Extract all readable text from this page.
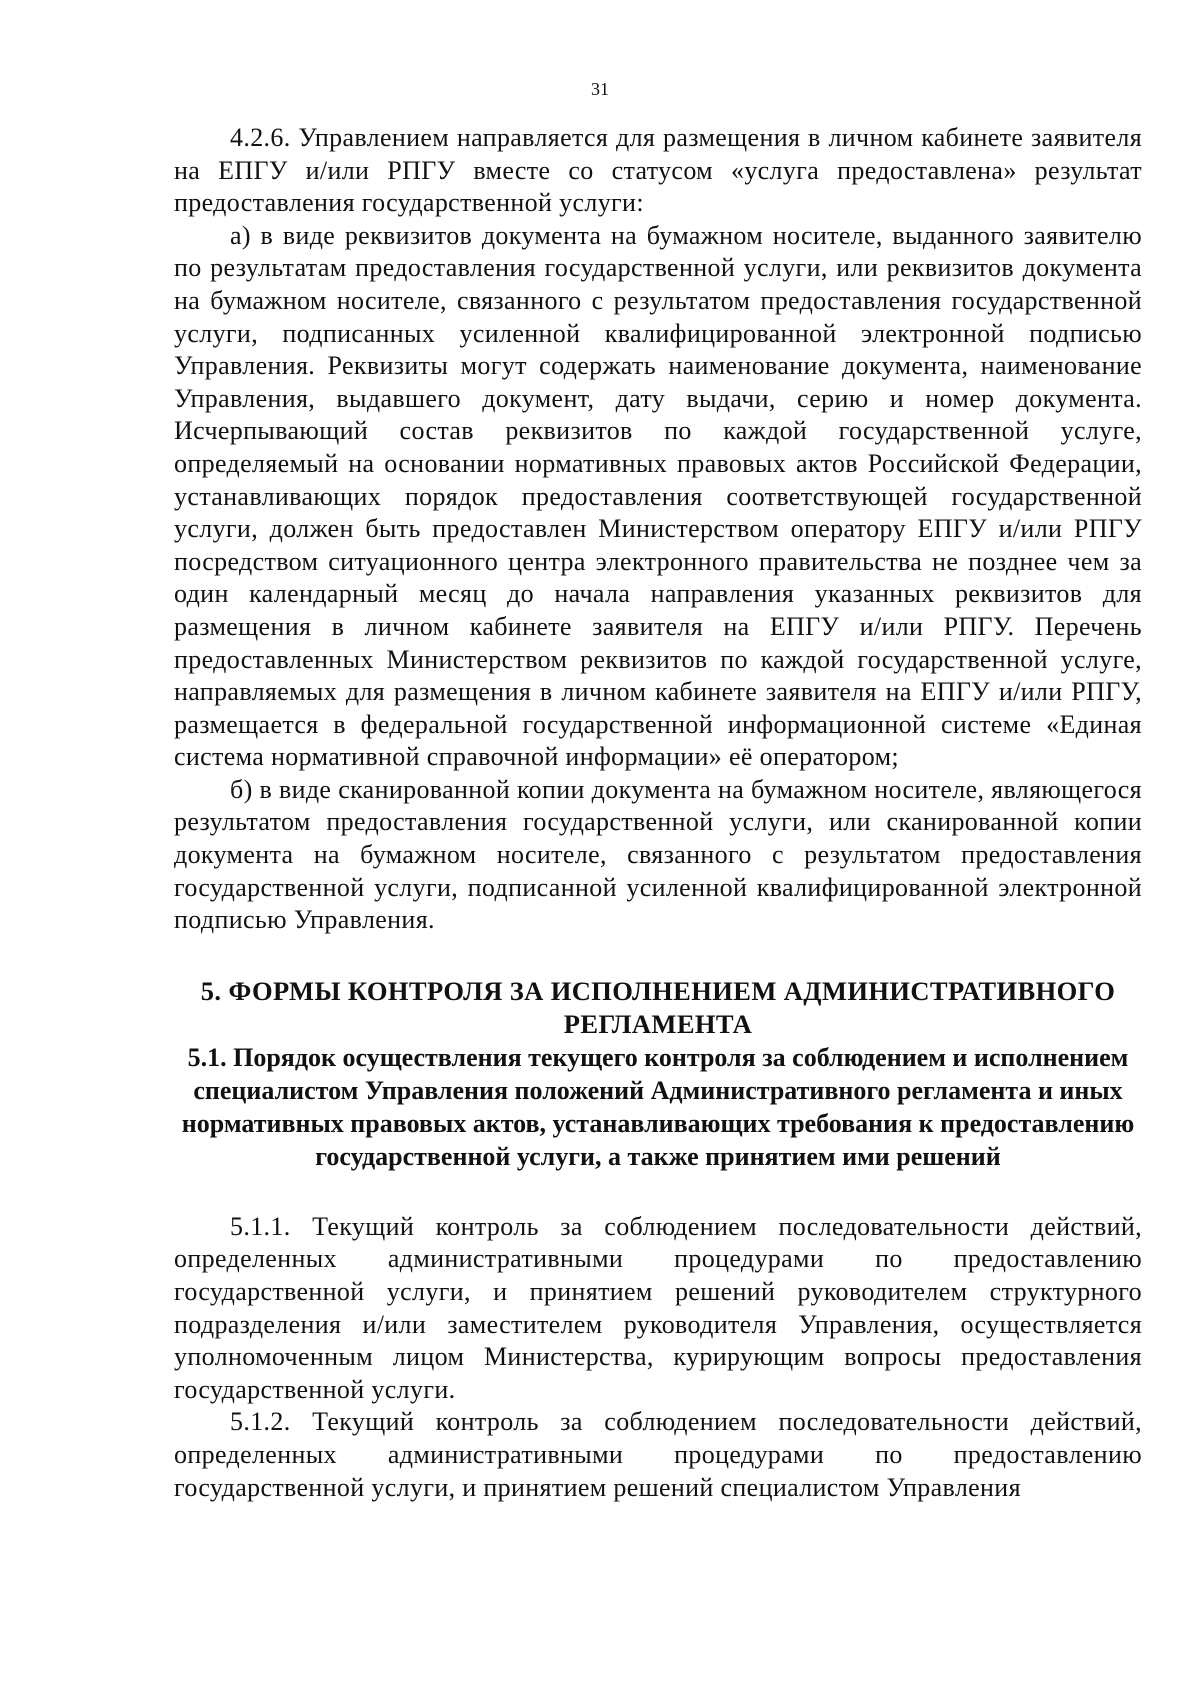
31

4.2.6. Управлением направляется для размещения в личном кабинете заявителя на ЕПГУ и/или РПГУ вместе со статусом «услуга предоставлена» результат предоставления государственной услуги:

а) в виде реквизитов документа на бумажном носителе, выданного заявителю по результатам предоставления государственной услуги, или реквизитов документа на бумажном носителе, связанного с результатом предоставления государственной услуги, подписанных усиленной квалифицированной электронной подписью Управления. Реквизиты могут содержать наименование документа, наименование Управления, выдавшего документ, дату выдачи, серию и номер документа. Исчерпывающий состав реквизитов по каждой государственной услуге, определяемый на основании нормативных правовых актов Российской Федерации, устанавливающих порядок предоставления соответствующей государственной услуги, должен быть предоставлен Министерством оператору ЕПГУ и/или РПГУ посредством ситуационного центра электронного правительства не позднее чем за один календарный месяц до начала направления указанных реквизитов для размещения в личном кабинете заявителя на ЕПГУ и/или РПГУ. Перечень предоставленных Министерством реквизитов по каждой государственной услуге, направляемых для размещения в личном кабинете заявителя на ЕПГУ и/или РПГУ, размещается в федеральной государственной информационной системе «Единая система нормативной справочной информации» её оператором;

б) в виде сканированной копии документа на бумажном носителе, являющегося результатом предоставления государственной услуги, или сканированной копии документа на бумажном носителе, связанного с результатом предоставления государственной услуги, подписанной усиленной квалифицированной электронной подписью Управления.

5. ФОРМЫ КОНТРОЛЯ ЗА ИСПОЛНЕНИЕМ АДМИНИСТРАТИВНОГО РЕГЛАМЕНТА
5.1. Порядок осуществления текущего контроля за соблюдением и исполнением специалистом Управления положений Административного регламента и иных нормативных правовых актов, устанавливающих требования к предоставлению государственной услуги, а также принятием ими решений

5.1.1. Текущий контроль за соблюдением последовательности действий, определенных административными процедурами по предоставлению государственной услуги, и принятием решений руководителем структурного подразделения и/или заместителем руководителя Управления, осуществляется уполномоченным лицом Министерства, курирующим вопросы предоставления государственной услуги.

5.1.2. Текущий контроль за соблюдением последовательности действий, определенных административными процедурами по предоставлению государственной услуги, и принятием решений специалистом Управления
